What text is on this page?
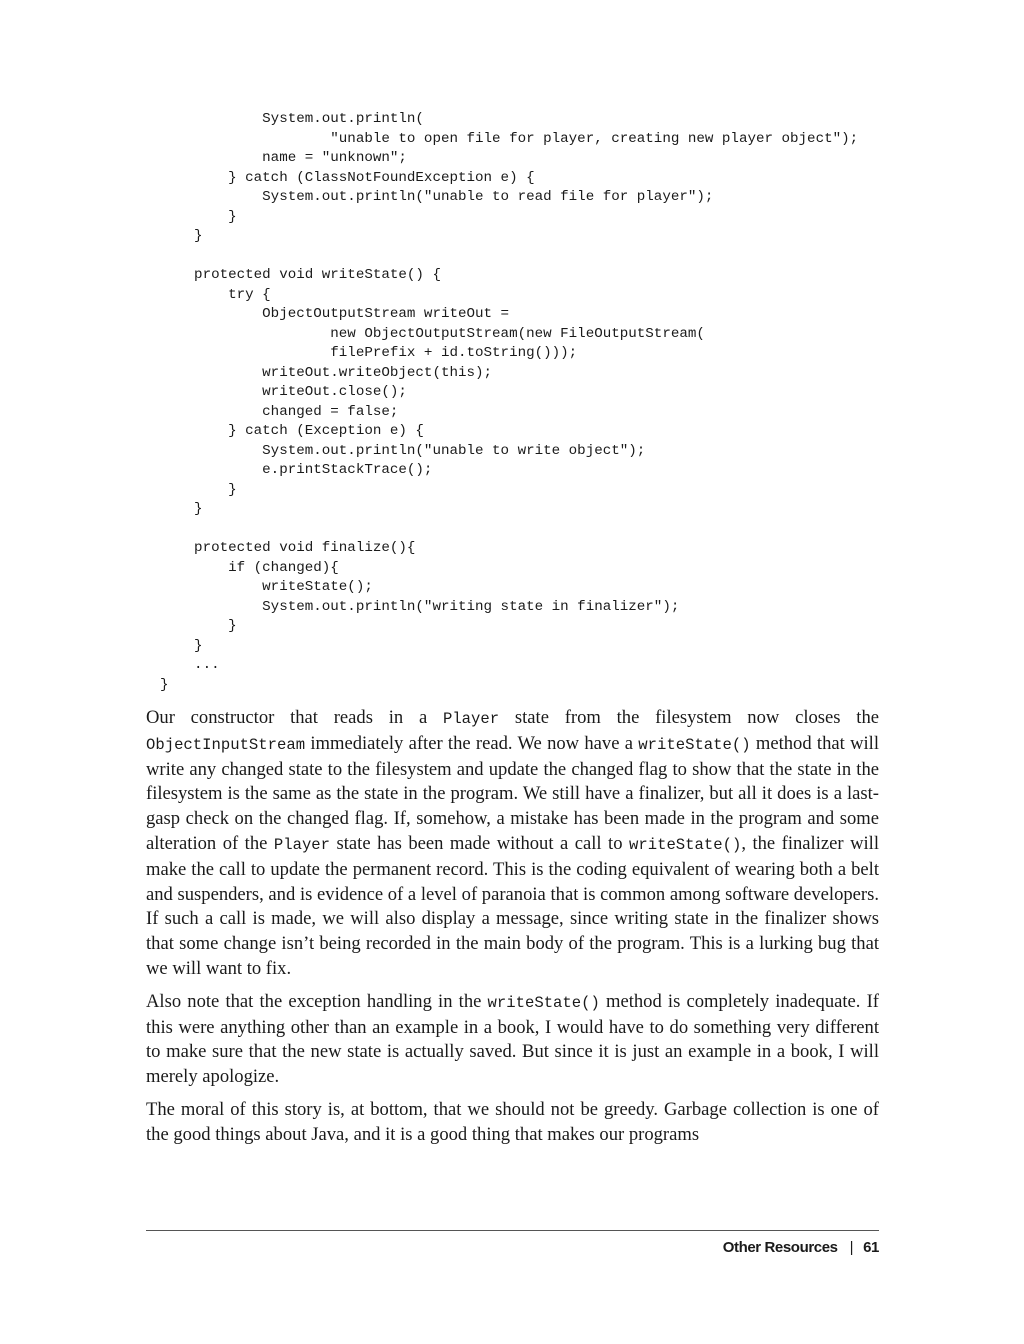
System.out.println(
"unable to open file for player, creating new player object");
name = "unknown";
} catch (ClassNotFoundException e) {
System.out.println("unable to read file for player");
}
}
protected void writeState() {
try {
ObjectOutputStream writeOut =
new ObjectOutputStream(new FileOutputStream(
filePrefix + id.toString()));
writeOut.writeObject(this);
writeOut.close();
changed = false;
} catch (Exception e) {
System.out.println("unable to write object");
e.printStackTrace();
}
}
protected void finalize(){
if (changed){
writeState();
System.out.println("writing state in finalizer");
}
}
...
}

Our constructor that reads in a Player state from the filesystem now closes the ObjectInputStream immediately after the read. We now have a writeState() method that will write any changed state to the filesystem and update the changed flag to show that the state in the filesystem is the same as the state in the program. We still have a finalizer, but all it does is a last-gasp check on the changed flag. If, somehow, a mistake has been made in the program and some alteration of the Player state has been made without a call to writeState(), the finalizer will make the call to update the permanent record. This is the coding equivalent of wearing both a belt and suspenders, and is evidence of a level of paranoia that is common among software developers. If such a call is made, we will also display a message, since writing state in the finalizer shows that some change isn’t being recorded in the main body of the program. This is a lurking bug that we will want to fix.

Also note that the exception handling in the writeState() method is completely inadequate. If this were anything other than an example in a book, I would have to do something very different to make sure that the new state is actually saved. But since it is just an example in a book, I will merely apologize.

The moral of this story is, at bottom, that we should not be greedy. Garbage collection is one of the good things about Java, and it is a good thing that makes our programs

Other Resources | 61
